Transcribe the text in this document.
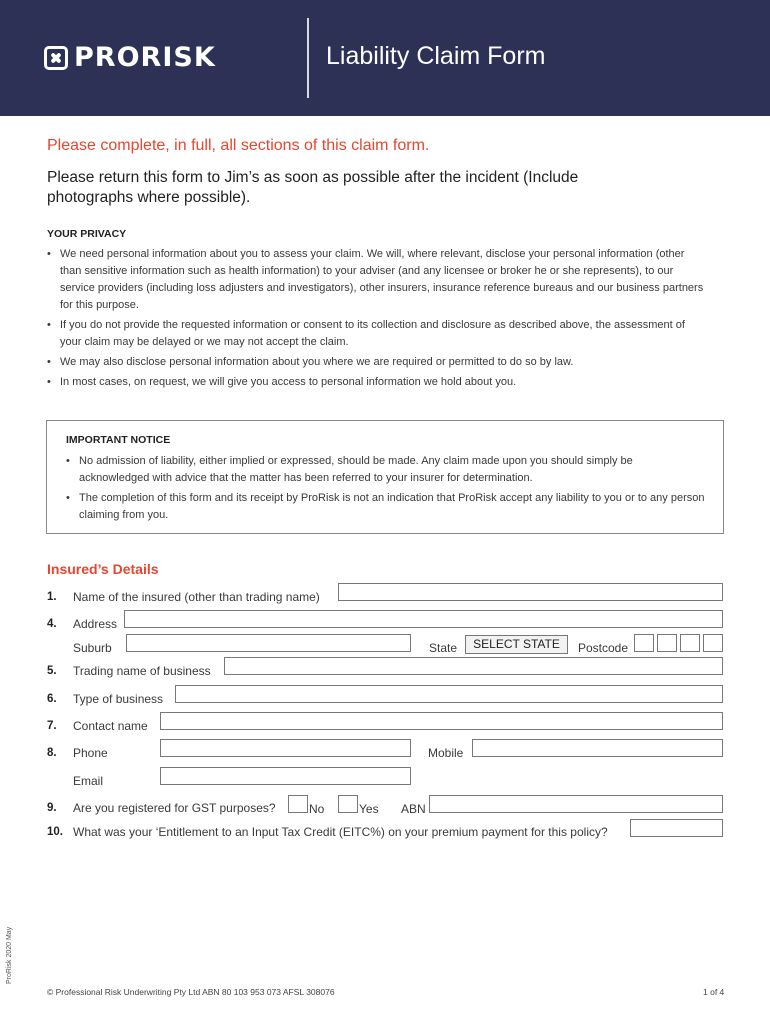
PRORISK	Liability Claim Form
Please complete, in full, all sections of this claim form.
Please return this form to Jim’s as soon as possible after the incident (Include photographs where possible).
YOUR PRIVACY
• We need personal information about you to assess your claim. We will, where relevant, disclose your personal information (other than sensitive information such as health information) to your adviser (and any licensee or broker he or she represents), to our service providers (including loss adjusters and investigators), other insurers, insurance reference bureaus and our business partners for this purpose.
• If you do not provide the requested information or consent to its collection and disclosure as described above, the assessment of your claim may be delayed or we may not accept the claim.
• We may also disclose personal information about you where we are required or permitted to do so by law.
• In most cases, on request, we will give you access to personal information we hold about you.
IMPORTANT NOTICE
• No admission of liability, either implied or expressed, should be made. Any claim made upon you should simply be acknowledged with advice that the matter has been referred to your insurer for determination.
• The completion of this form and its receipt by ProRisk is not an indication that ProRisk accept any liability to you or to any person claiming from you.
Insured’s Details
1. Name of the insured (other than trading name)
4. Address
Suburb	State	SELECT STATE	Postcode
5. Trading name of business
6. Type of business
7. Contact name
8. Phone	Mobile
Email
9. Are you registered for GST purposes?	No	Yes ABN
10. What was your ‘Entitlement to an Input Tax Credit (EITC%) on your premium payment for this policy?
ProRisk 2020 May
© Professional Risk Underwriting Pty Ltd ABN 80 103 953 073 AFSL 308076	1 of 4
